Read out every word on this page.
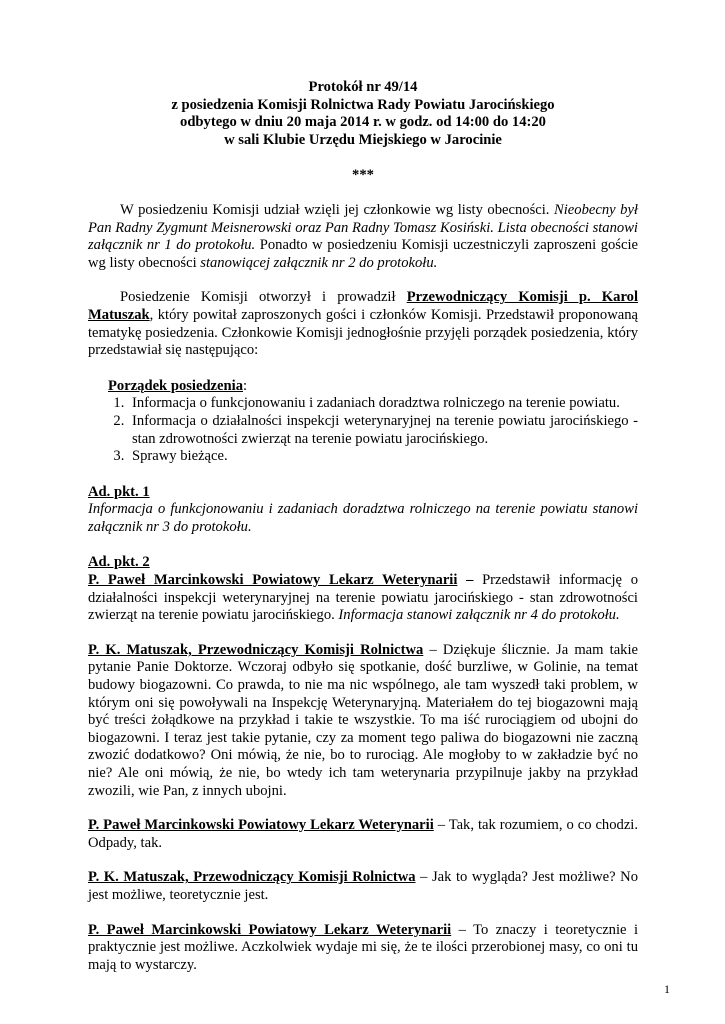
Protokół nr 49/14
z posiedzenia Komisji Rolnictwa Rady Powiatu Jarocińskiego
odbytego w dniu 20 maja 2014 r. w godz. od 14:00 do 14:20
w sali Klubie Urzędu Miejskiego w Jarocinie
***

W posiedzeniu Komisji udział wzięli jej członkowie wg listy obecności. Nieobecny był Pan Radny Zygmunt Meisnerowski oraz Pan Radny Tomasz Kosiński. Lista obecności stanowi załącznik nr 1 do protokołu. Ponadto w posiedzeniu Komisji uczestniczyli zaproszeni goście wg listy obecności stanowiącej załącznik nr 2 do protokołu.

Posiedzenie Komisji otworzył i prowadził Przewodniczący Komisji p. Karol Matuszak, który powitał zaproszonych gości i członków Komisji. Przedstawił proponowaną tematykę posiedzenia. Członkowie Komisji jednogłośnie przyjęli porządek posiedzenia, który przedstawiał się następująco:

Porządek posiedzenia:
1. Informacja o funkcjonowaniu i zadaniach doradztwa rolniczego na terenie powiatu.
2. Informacja o działalności inspekcji weterynaryjnej na terenie powiatu jarocińskiego - stan zdrowotności zwierząt na terenie powiatu jarocińskiego.
3. Sprawy bieżące.
Ad. pkt. 1

Informacja o funkcjonowaniu i zadaniach doradztwa rolniczego na terenie powiatu stanowi załącznik nr 3 do protokołu.

Ad. pkt. 2

P. Paweł Marcinkowski Powiatowy Lekarz Weterynarii – Przedstawił informację o działalności inspekcji weterynaryjnej na terenie powiatu jarocińskiego - stan zdrowotności zwierząt na terenie powiatu jarocińskiego. Informacja stanowi załącznik nr 4 do protokołu.

P. K. Matuszak, Przewodniczący Komisji Rolnictwa – Dziękuje ślicznie. Ja mam takie pytanie Panie Doktorze. Wczoraj odbyło się spotkanie, dość burzliwe, w Golinie, na temat budowy biogazowni. Co prawda, to nie ma nic wspólnego, ale tam wyszedł taki problem, w którym oni się powoływali na Inspekcję Weterynaryjną. Materiałem do tej biogazowni mają być treści żołądkowe na przykład i takie te wszystkie. To ma iść rurociągiem od ubojni do biogazowni. I teraz jest takie pytanie, czy za moment tego paliwa do biogazowni nie zaczną zwozić dodatkowo? Oni mówią, że nie, bo to rurociąg. Ale mogłoby to w zakładzie być no nie? Ale oni mówią, że nie, bo wtedy ich tam weterynaria przypilnuje jakby na przykład zwozili, wie Pan, z innych ubojni.

P. Paweł Marcinkowski Powiatowy Lekarz Weterynarii – Tak, tak rozumiem, o co chodzi. Odpady, tak.

P. K. Matuszak, Przewodniczący Komisji Rolnictwa – Jak to wygląda? Jest możliwe? No jest możliwe, teoretycznie jest.

P. Paweł Marcinkowski Powiatowy Lekarz Weterynarii – To znaczy i teoretycznie i praktycznie jest możliwe. Aczkolwiek wydaje mi się, że te ilości przerobionej masy, co oni tu mają to wystarczy.

1
